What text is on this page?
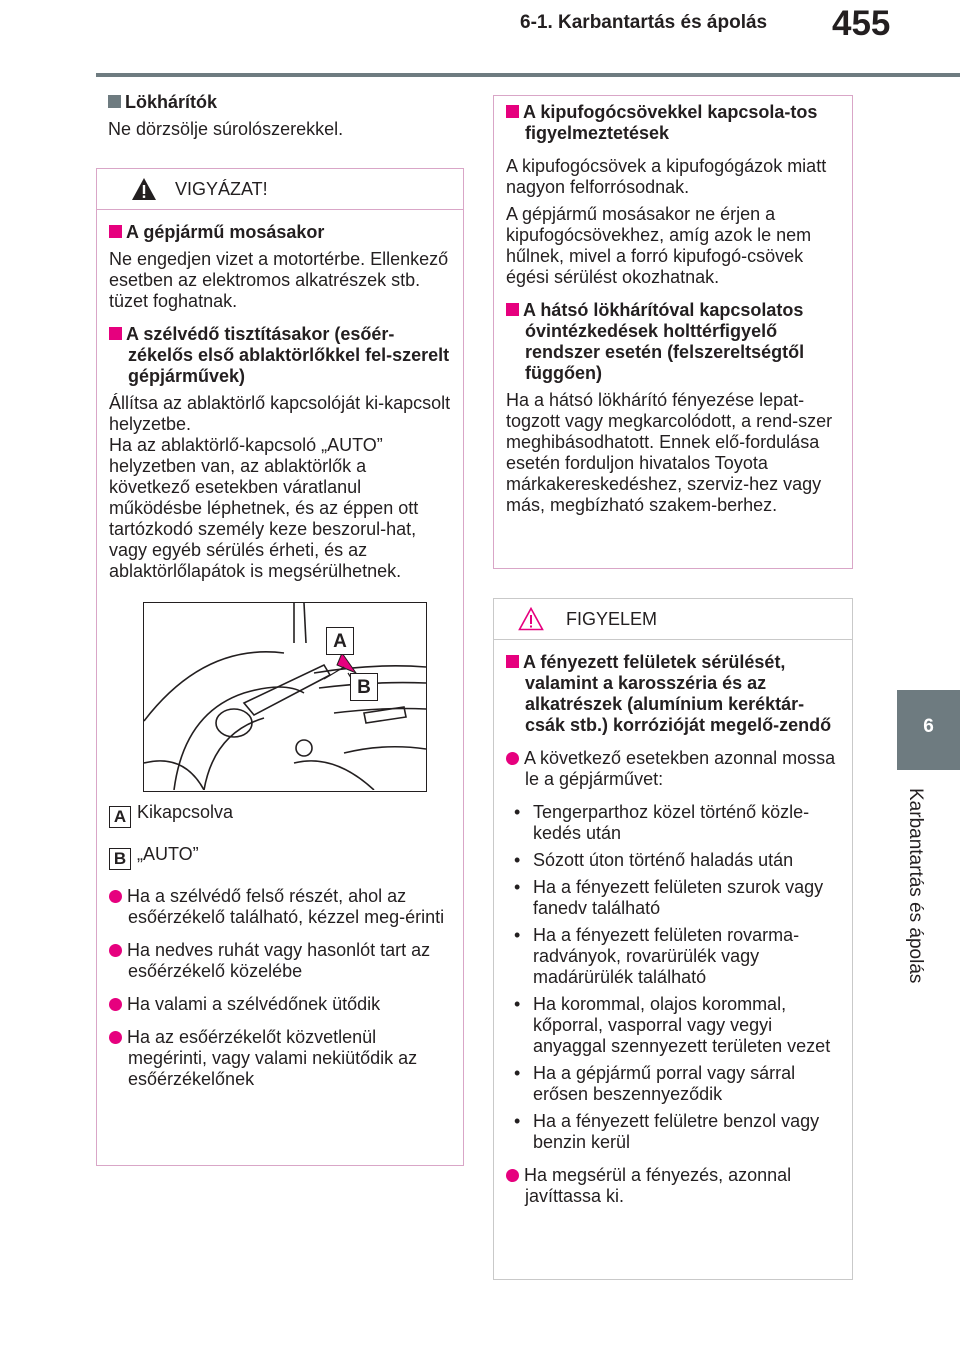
6-1. Karbantartás és ápolás 455
6
Karbantartás és ápolás

Lökhárítók

Ne dörzsölje súrolószerekkel.

VIGYÁZAT!

A gépjármű mosásakor

Ne engedjen vizet a motortérbe. Ellenkező esetben az elektromos alkatrészek stb. tüzet foghatnak.

A szélvédő tisztításakor (esőér-zékelős első ablaktörlőkkel fel-szerelt gépjárművek)

Állítsa az ablaktörlő kapcsolóját ki-kapcsolt helyzetbe.

Ha az ablaktörlő-kapcsoló „AUTO” helyzetben van, az ablaktörlők a következő esetekben váratlanul működésbe léphetnek, és az éppen ott tartózkodó személy keze beszorul-hat, vagy egyéb sérülés érheti, és az ablaktörlőlapátok is megsérülhetnek.

A
B

A Kikapcsolva

B „AUTO”

Ha a szélvédő felső részét, ahol az esőérzékelő található, kézzel meg-érinti

Ha nedves ruhát vagy hasonlót tart az esőérzékelő közelébe

Ha valami a szélvédőnek ütődik

Ha az esőérzékelőt közvetlenül megérinti, vagy valami nekiütődik az esőérzékelőnek

A kipufogócsövekkel kapcsola-tos figyelmeztetések

A kipufogócsövek a kipufogógázok miatt nagyon felforrósodnak.

A gépjármű mosásakor ne érjen a kipufogócsövekhez, amíg azok le nem hűlnek, mivel a forró kipufogó-csövek égési sérülést okozhatnak.

A hátsó lökhárítóval kapcsolatos óvintézkedések holttérfigyelő rendszer esetén (felszereltségtől függően)

Ha a hátsó lökhárító fényezése lepat-togzott vagy megkarcolódott, a rend-szer meghibásodhatott. Ennek elő-fordulása esetén forduljon hivatalos Toyota márkakereskedéshez, szerviz-hez vagy más, megbízható szakem-berhez.

FIGYELEM

A fényezett felületek sérülését, valamint a karosszéria és az alkatrészek (alumínium keréktár-csák stb.) korrózióját megelő-zendő

A következő esetekben azonnal mossa le a gépjárművet:

• Tengerparthoz közel történő közle-kedés után

• Sózott úton történő haladás után

• Ha a fényezett felületen szurok vagy fanedv található

• Ha a fényezett felületen rovarma-radványok, rovarürülék vagy madárürülék található

• Ha korommal, olajos korommal, kőporral, vasporral vagy vegyi anyaggal szennyezett területen vezet

• Ha a gépjármű porral vagy sárral erősen beszennyeződik

• Ha a fényezett felületre benzol vagy benzin kerül

Ha megsérül a fényezés, azonnal javíttassa ki.
